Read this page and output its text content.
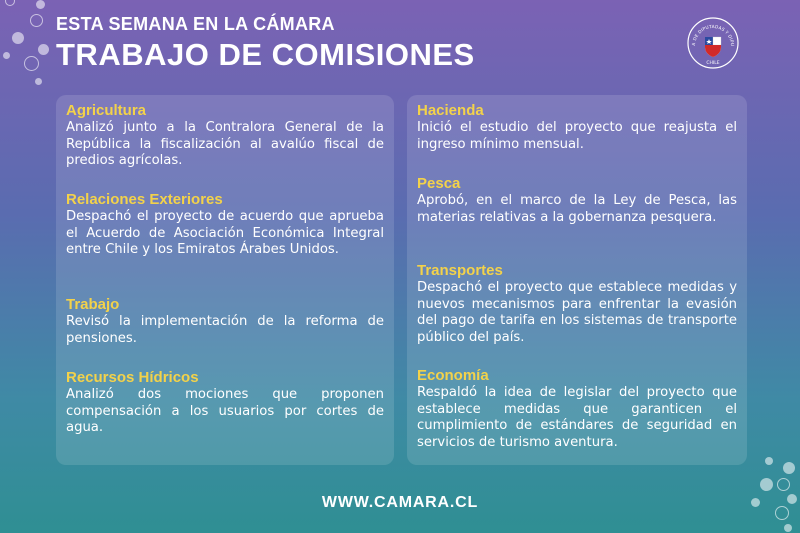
ESTA SEMANA EN LA CÁMARA
TRABAJO DE COMISIONES	A DE DIPUTADAS Y DIPU
CHILE
Agricultura
Analizó junto a la Contralora General de la República la fiscalización al avalúo fiscal de predios agrícolas.
Relaciones Exteriores
Despachó el proyecto de acuerdo que aprueba el Acuerdo de Asociación Económica Integral entre Chile y los Emiratos Árabes Unidos.
Trabajo
Revisó la implementación de la reforma de pensiones.
Recursos Hídricos
Analizó dos mociones que proponen compensación a los usuarios por cortes de agua.
Hacienda
Inició el estudio del proyecto que reajusta el ingreso mínimo mensual.
Pesca
Aprobó, en el marco de la Ley de Pesca, las materias relativas a la gobernanza pesquera.
Transportes
Despachó el proyecto que establece medidas y nuevos mecanismos para enfrentar la evasión del pago de tarifa en los sistemas de transporte público del país.
Economía
Respaldó la idea de legislar del proyecto que establece medidas que garanticen el cumplimiento de estándares de seguridad en servicios de turismo aventura.
WWW.CAMARA.CL
